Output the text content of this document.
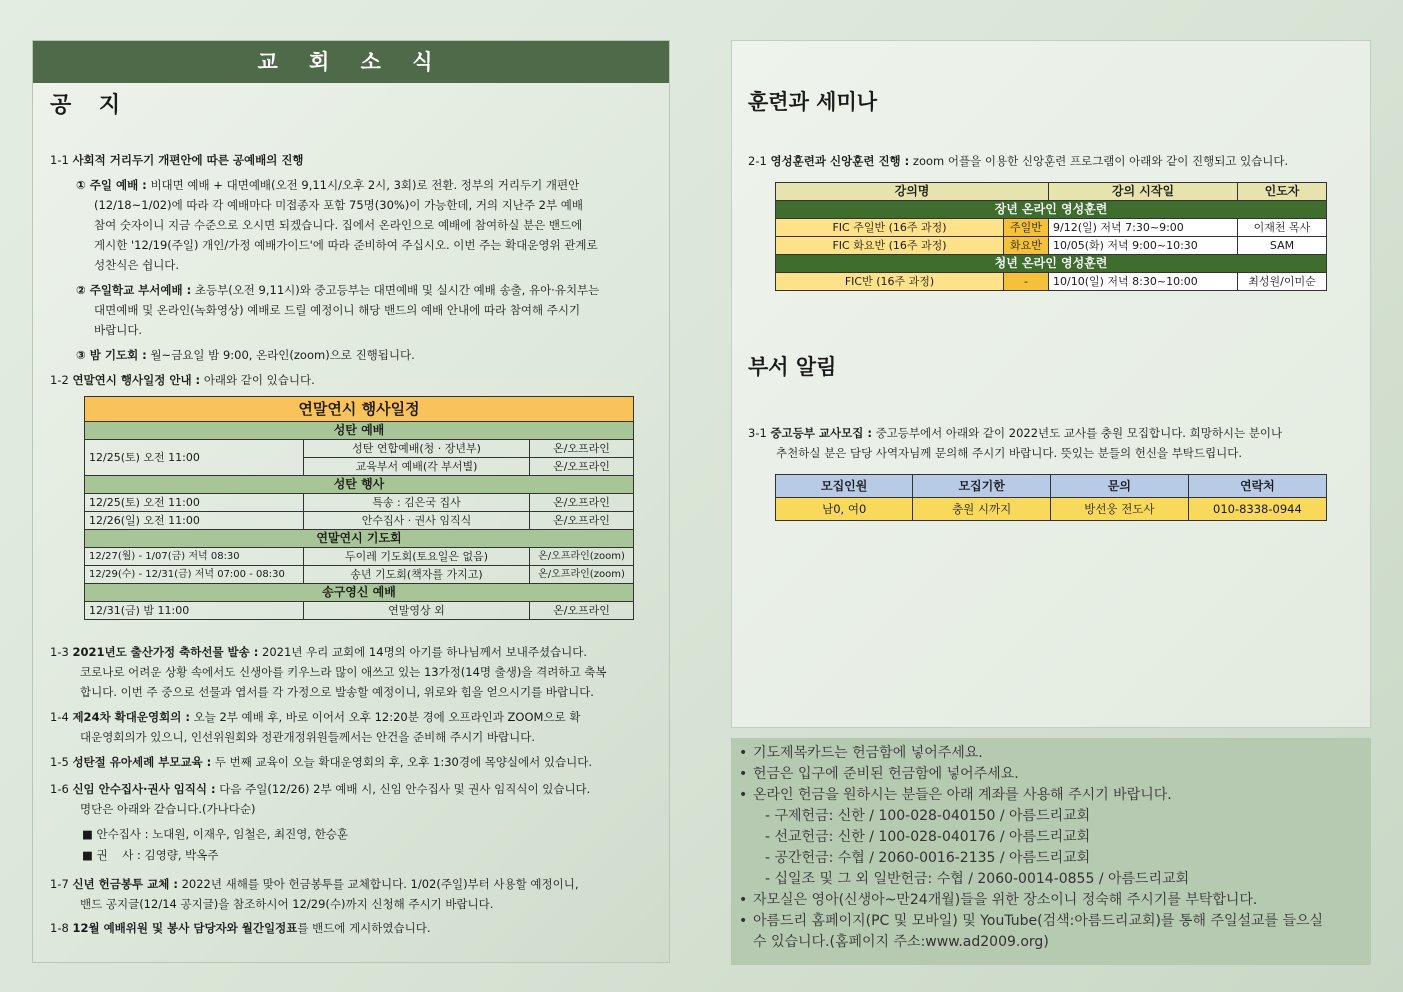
교 회 소 식
공 지
1-1 사회적 거리두기 개편안에 따른 공예배의 진행
① 주일 예배 : 비대면 예배 + 대면예배(오전 9,11시/오후 2시, 3회)로 전환. 정부의 거리두기 개편안
(12/18~1/02)에 따라 각 예배마다 미접종자 포함 75명(30%)이 가능한데, 거의 지난주 2부 예배
참여 숫자이니 지금 수준으로 오시면 되겠습니다. 집에서 온라인으로 예배에 참여하실 분은 밴드에
게시한 '12/19(주일) 개인/가정 예배가이드'에 따라 준비하여 주십시오. 이번 주는 확대운영위 관계로
성찬식은 쉽니다.
② 주일학교 부서예배 : 초등부(오전 9,11시)와 중고등부는 대면예배 및 실시간 예배 송출, 유아·유치부는
대면예배 및 온라인(녹화영상) 예배로 드릴 예정이니 해당 밴드의 예배 안내에 따라 참여해 주시기
바랍니다.
③ 밤 기도회 : 월~금요일 밤 9:00, 온라인(zoom)으로 진행됩니다.
1-2 연말연시 행사일정 안내 : 아래와 같이 있습니다.
연말연시 행사일정		
성탄 예배		
12/25(토) 오전 11:00	성탄 연합예배(청 · 장년부)	온/오프라인
	교육부서 예배(각 부서별)	온/오프라인
성탄 행사		
12/25(토) 오전 11:00	특송 : 김은국 집사	온/오프라인
12/26(일) 오전 11:00	안수집사 · 권사 임직식	온/오프라인
연말연시 기도회		
12/27(월) - 1/07(금) 저녁 08:30	두이레 기도회(토요일은 없음)	온/오프라인(zoom)
12/29(수) - 12/31(금) 저녁 07:00 - 08:30	송년 기도회(책자를 가지고)	온/오프라인(zoom)
송구영신 예배		
12/31(금) 밤 11:00	연말영상 외	온/오프라인
1-3 2021년도 출산가정 축하선물 발송 : 2021년 우리 교회에 14명의 아기를 하나님께서 보내주셨습니다.
코로나로 어려운 상황 속에서도 신생아를 키우느라 많이 애쓰고 있는 13가정(14명 출생)을 격려하고 축복
합니다. 이번 주 중으로 선물과 엽서를 각 가정으로 발송할 예정이니, 위로와 힘을 얻으시기를 바랍니다.
1-4 제24차 확대운영회의 : 오늘 2부 예배 후, 바로 이어서 오후 12:20분 경에 오프라인과 ZOOM으로 확
대운영회의가 있으니, 인선위원회와 정관개정위원들께서는 안건을 준비해 주시기 바랍니다.
1-5 성탄절 유아세례 부모교육 : 두 번째 교육이 오늘 확대운영회의 후, 오후 1:30경에 목양실에서 있습니다.
1-6 신임 안수집사·권사 임직식 : 다음 주일(12/26) 2부 예배 시, 신임 안수집사 및 권사 임직식이 있습니다.
명단은 아래와 같습니다.(가나다순)
■ 안수집사 : 노대원, 이재우, 임철은, 최진영, 한승훈
■ 권    사 : 김영량, 박옥주
1-7 신년 헌금봉투 교체 : 2022년 새해를 맞아 헌금봉투를 교체합니다. 1/02(주일)부터 사용할 예정이니,
밴드 공지글(12/14 공지글)을 참조하시어 12/29(수)까지 신청해 주시기 바랍니다.
1-8 12월 예배위원 및 봉사 담당자와 월간일정표를 밴드에 게시하였습니다.
훈련과 세미나
2-1 영성훈련과 신앙훈련 진행 : zoom 어플을 이용한 신앙훈련 프로그램이 아래와 같이 진행되고 있습니다.
강의명		강의 시작일	인도자
장년 온라인 영성훈련			
FIC 주일반 (16주 과정)	주일반	9/12(일) 저녁 7:30~9:00	이재천 목사
FIC 화요반 (16주 과정)	화요반	10/05(화) 저녁 9:00~10:30	SAM
청년 온라인 영성훈련			
FIC반 (16주 과정)	-	10/10(일) 저녁 8:30~10:00	최성원/이미순
부서 알림
3-1 중고등부 교사모집 : 중고등부에서 아래와 같이 2022년도 교사를 충원 모집합니다. 희망하시는 분이나
추천하실 분은 담당 사역자님께 문의해 주시기 바랍니다. 뜻있는 분들의 헌신을 부탁드립니다.
모집인원	모집기한	문의	연락처
남0, 여0	충원 시까지	방선웅 전도사	010-8338-0944
• 기도제목카드는 헌금함에 넣어주세요.
• 헌금은 입구에 준비된 헌금함에 넣어주세요.
• 온라인 헌금을 원하시는 분들은 아래 계좌를 사용해 주시기 바랍니다.
- 구제헌금: 신한 / 100-028-040150 / 아름드리교회
- 선교헌금: 신한 / 100-028-040176 / 아름드리교회
- 공간헌금: 수협 / 2060-0016-2135 / 아름드리교회
- 십일조 및 그 외 일반헌금: 수협 / 2060-0014-0855 / 아름드리교회
• 자모실은 영아(신생아~만24개월)들을 위한 장소이니 정숙해 주시기를 부탁합니다.
• 아름드리 홈페이지(PC 및 모바일) 및 YouTube(검색:아름드리교회)를 통해 주일설교를 들으실
수 있습니다.(홈페이지 주소:www.ad2009.org)
